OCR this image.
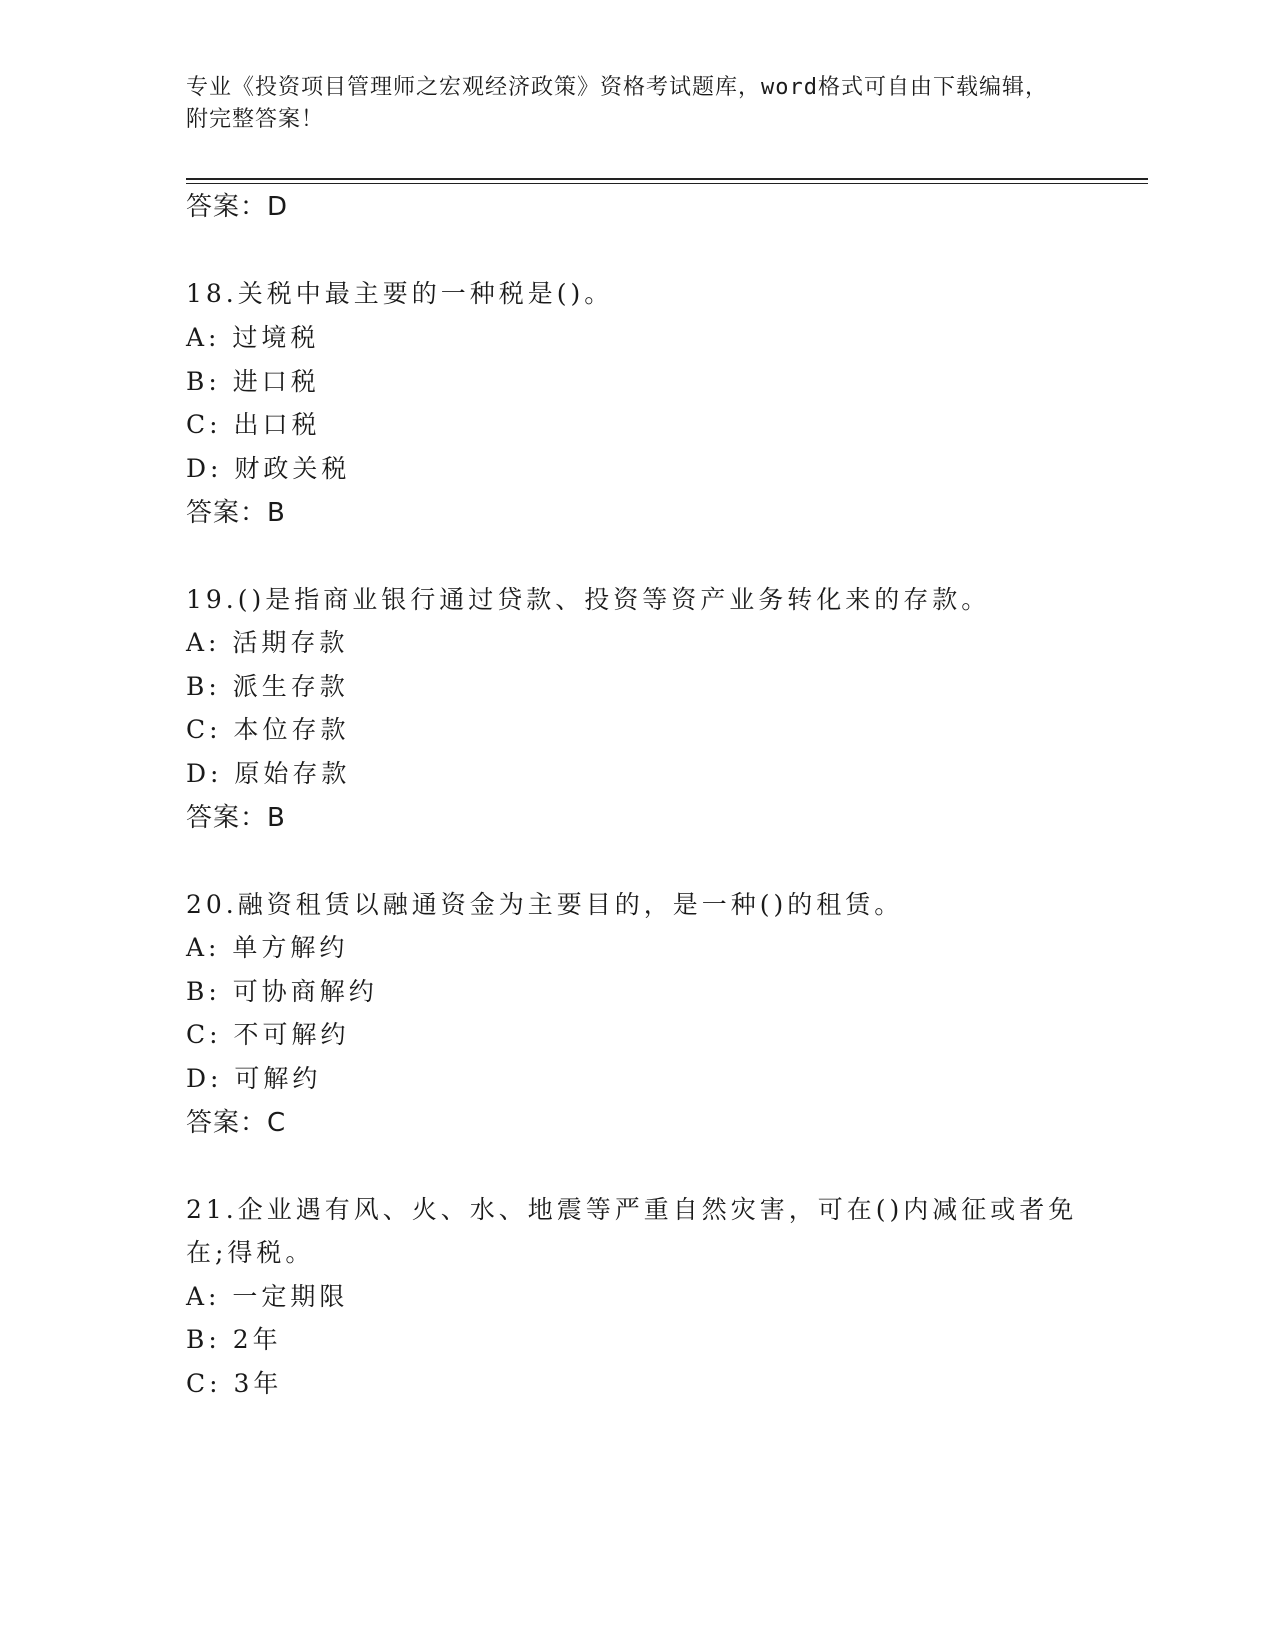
专业《投资项目管理师之宏观经济政策》资格考试题库，word格式可自由下载编辑，附完整答案！
答案：D
18.关税中最主要的一种税是()。
A: 过境税
B: 进口税
C: 出口税
D: 财政关税
答案：B
19.()是指商业银行通过贷款、投资等资产业务转化来的存款。
A: 活期存款
B: 派生存款
C: 本位存款
D: 原始存款
答案：B
20.融资租赁以融通资金为主要目的，是一种()的租赁。
A: 单方解约
B: 可协商解约
C: 不可解约
D: 可解约
答案：C
21.企业遇有风、火、水、地震等严重自然灾害，可在()内减征或者免
在;得税。
A: 一定期限
B: 2年
C: 3年
